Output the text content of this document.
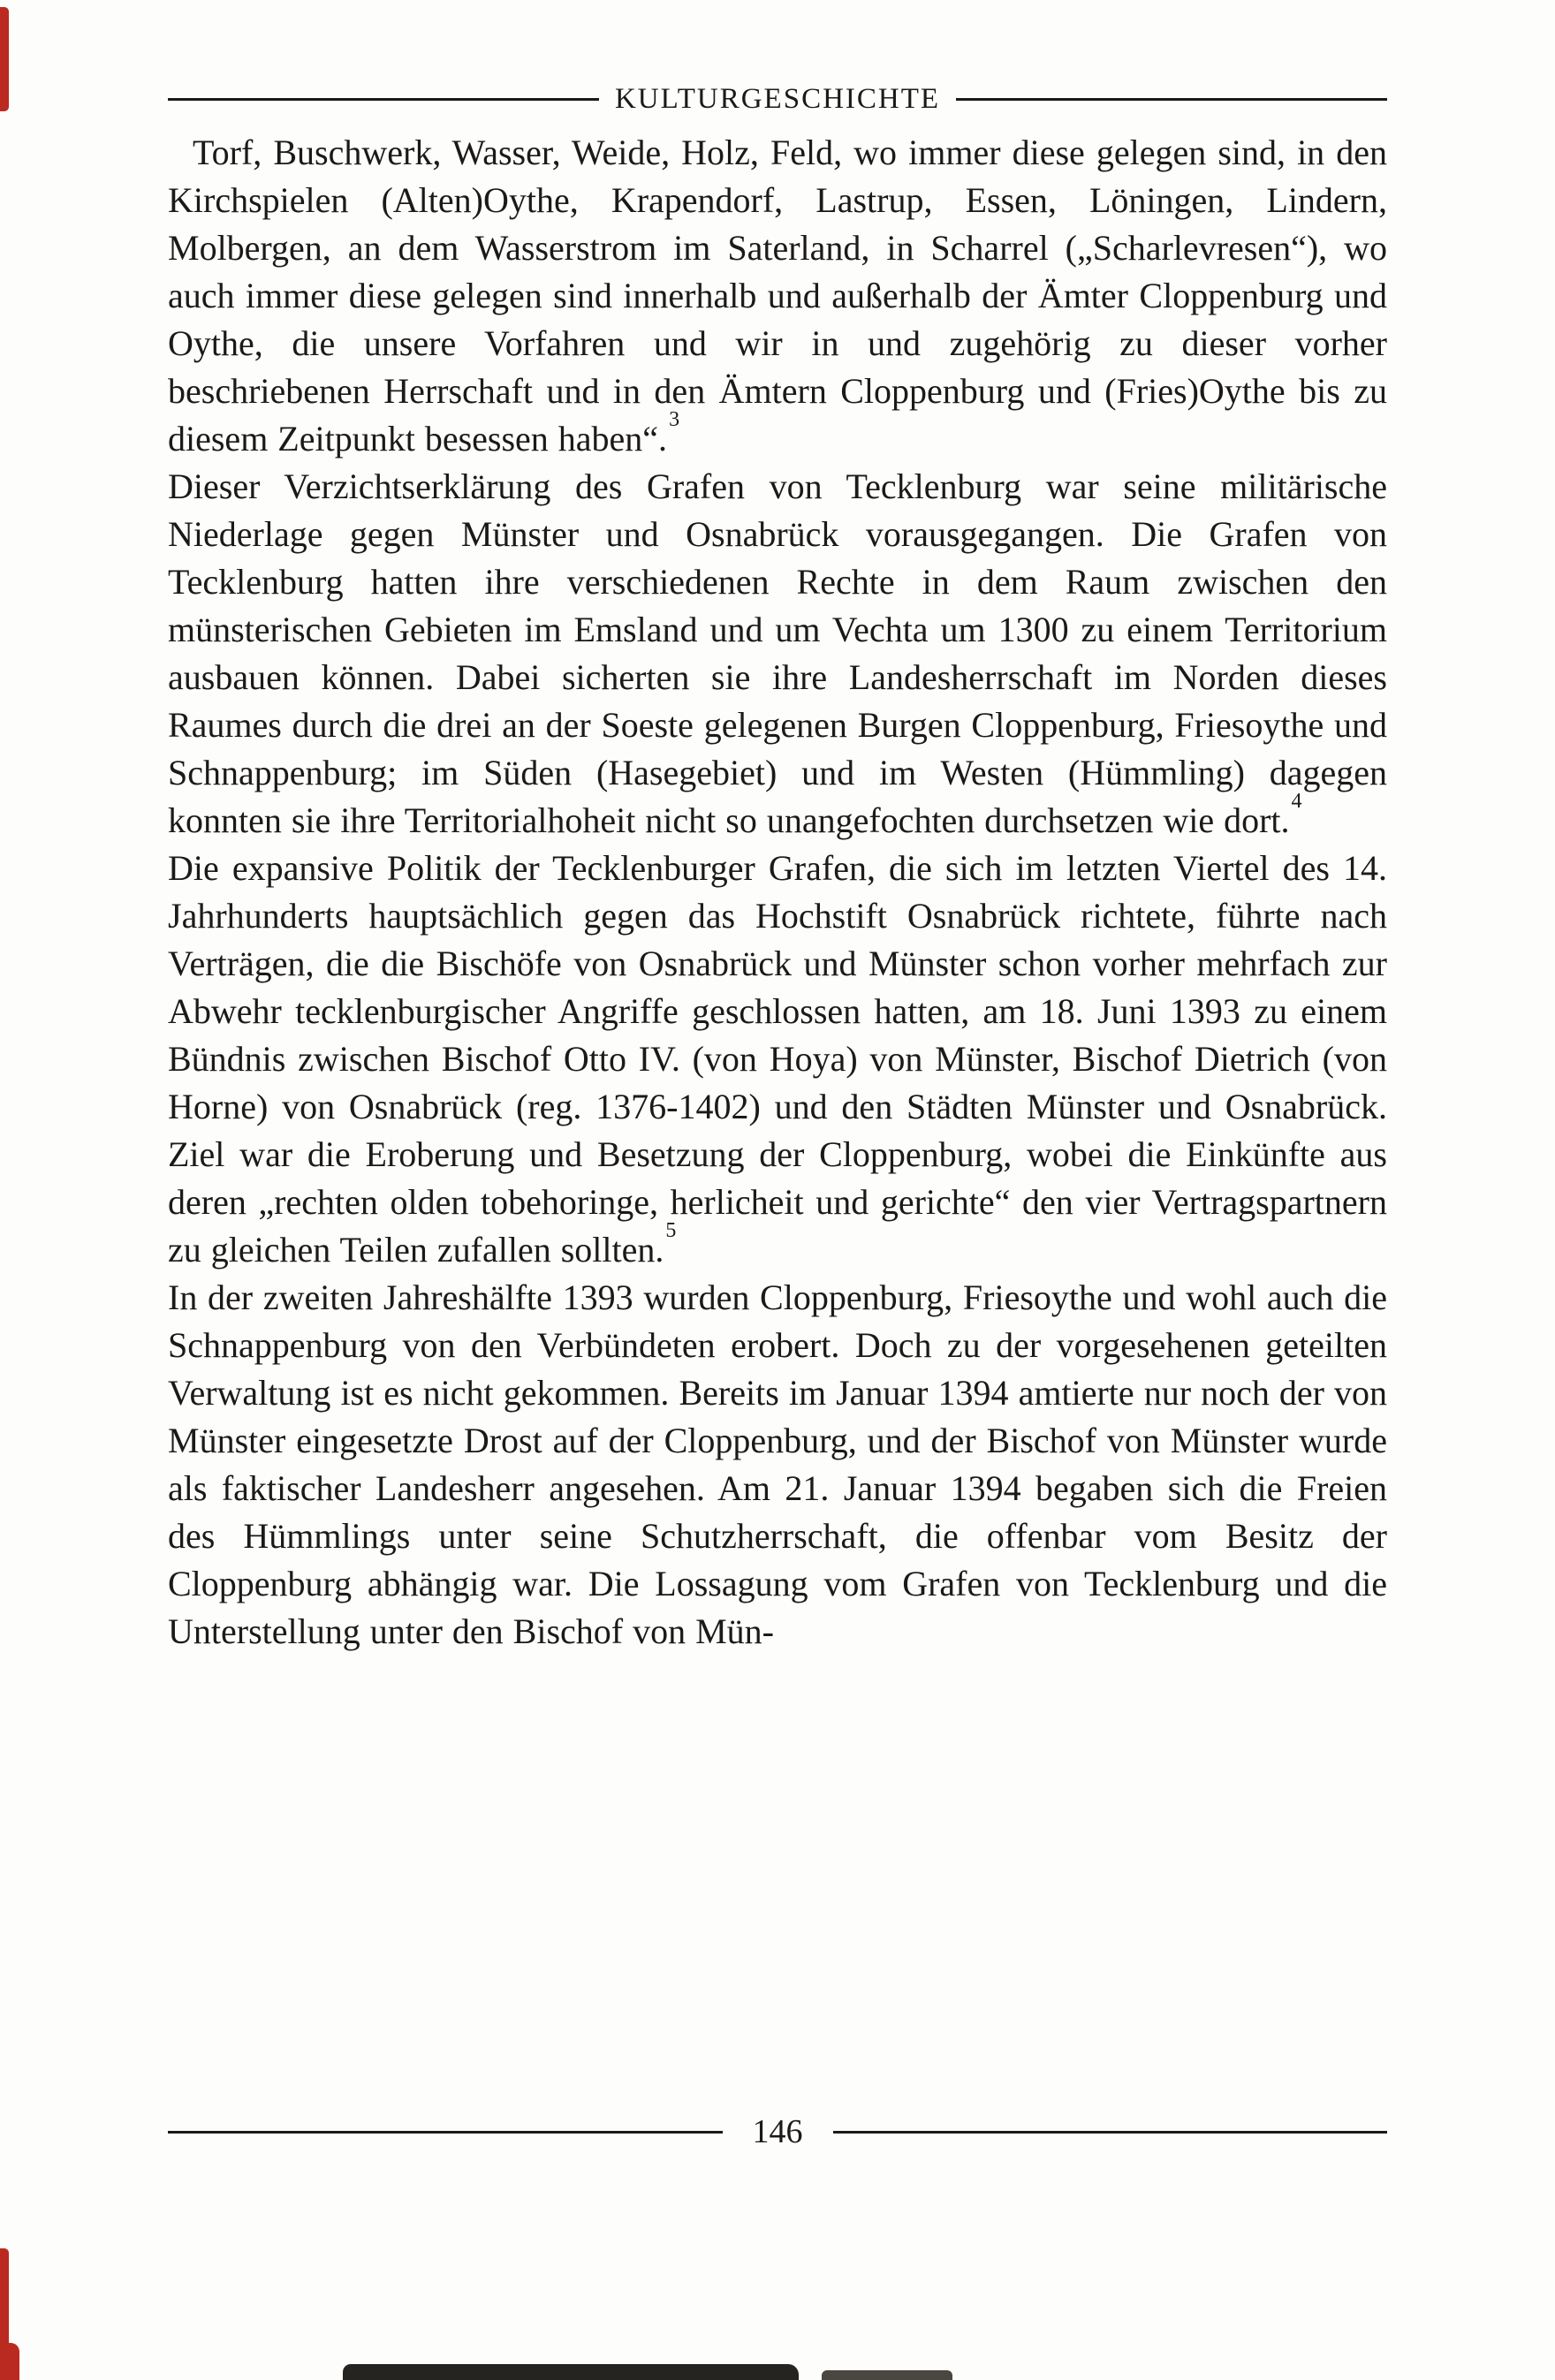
KULTURGESCHICHTE

Torf, Buschwerk, Wasser, Weide, Holz, Feld, wo immer diese gelegen sind, in den Kirchspielen (Alten)Oythe, Krapendorf, Lastrup, Essen, Löningen, Lindern, Molbergen, an dem Wasserstrom im Saterland, in Scharrel („Scharlevresen“), wo auch immer diese gelegen sind innerhalb und außerhalb der Ämter Cloppenburg und Oythe, die unsere Vorfahren und wir in und zugehörig zu dieser vorher beschriebenen Herrschaft und in den Ämtern Cloppenburg und (Fries)Oythe bis zu diesem Zeitpunkt besessen haben“.$^3$

Dieser Verzichtserklärung des Grafen von Tecklenburg war seine militärische Niederlage gegen Münster und Osnabrück vorausgegangen. Die Grafen von Tecklenburg hatten ihre verschiedenen Rechte in dem Raum zwischen den münsterischen Gebieten im Emsland und um Vechta um 1300 zu einem Territorium ausbauen können. Dabei sicherten sie ihre Landesherrschaft im Norden dieses Raumes durch die drei an der Soeste gelegenen Burgen Cloppenburg, Friesoythe und Schnappenburg; im Süden (Hasegebiet) und im Westen (Hümmling) dagegen konnten sie ihre Territorialhoheit nicht so unangefochten durchsetzen wie dort.$^4$

Die expansive Politik der Tecklenburger Grafen, die sich im letzten Viertel des 14. Jahrhunderts hauptsächlich gegen das Hochstift Osnabrück richtete, führte nach Verträgen, die die Bischöfe von Osnabrück und Münster schon vorher mehrfach zur Abwehr tecklenburgischer Angriffe geschlossen hatten, am 18. Juni 1393 zu einem Bündnis zwischen Bischof Otto IV. (von Hoya) von Münster, Bischof Dietrich (von Horne) von Osnabrück (reg. 1376-1402) und den Städten Münster und Osnabrück. Ziel war die Eroberung und Besetzung der Cloppenburg, wobei die Einkünfte aus deren „rechten olden tobehoringe, herlicheit und gerichte“ den vier Vertragspartnern zu gleichen Teilen zufallen sollten.$^5$

In der zweiten Jahreshälfte 1393 wurden Cloppenburg, Friesoythe und wohl auch die Schnappenburg von den Verbündeten erobert. Doch zu der vorgesehenen geteilten Verwaltung ist es nicht gekommen. Bereits im Januar 1394 amtierte nur noch der von Münster eingesetzte Drost auf der Cloppenburg, und der Bischof von Münster wurde als faktischer Landesherr angesehen. Am 21. Januar 1394 begaben sich die Freien des Hümmlings unter seine Schutzherrschaft, die offenbar vom Besitz der Cloppenburg abhängig war. Die Lossagung vom Grafen von Tecklenburg und die Unterstellung unter den Bischof von Mün-

146
